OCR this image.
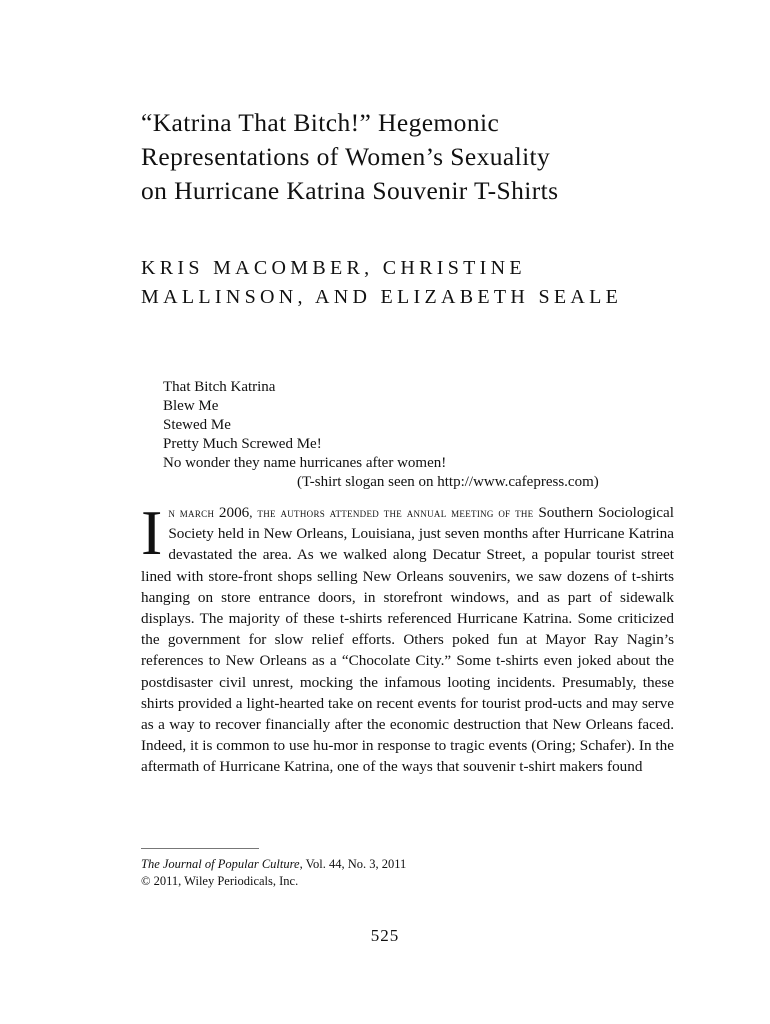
“Katrina That Bitch!” Hegemonic
Representations of Women’s Sexuality
on Hurricane Katrina Souvenir T-Shirts
KRIS MACOMBER, CHRISTINE
MALLINSON, AND ELIZABETH SEALE
That Bitch Katrina
Blew Me
Stewed Me
Pretty Much Screwed Me!
No wonder they name hurricanes after women!
(T-shirt slogan seen on http://www.cafepress.com)
In march 2006, the authors attended the annual meeting of the Southern Sociological Society held in New Orleans, Louisiana, just seven months after Hurricane Katrina devastated the area. As we walked along Decatur Street, a popular tourist street lined with store-front shops selling New Orleans souvenirs, we saw dozens of t-shirts hanging on store entrance doors, in storefront windows, and as part of sidewalk displays. The majority of these t-shirts referenced Hurricane Katrina. Some criticized the government for slow relief efforts. Others poked fun at Mayor Ray Nagin’s references to New Orleans as a “Chocolate City.” Some t-shirts even joked about the postdisaster civil unrest, mocking the infamous looting incidents. Presumably, these shirts provided a light-hearted take on recent events for tourist prod-ucts and may serve as a way to recover financially after the economic destruction that New Orleans faced. Indeed, it is common to use hu-mor in response to tragic events (Oring; Schafer). In the aftermath of Hurricane Katrina, one of the ways that souvenir t-shirt makers found
The Journal of Popular Culture, Vol. 44, No. 3, 2011
© 2011, Wiley Periodicals, Inc.
525
